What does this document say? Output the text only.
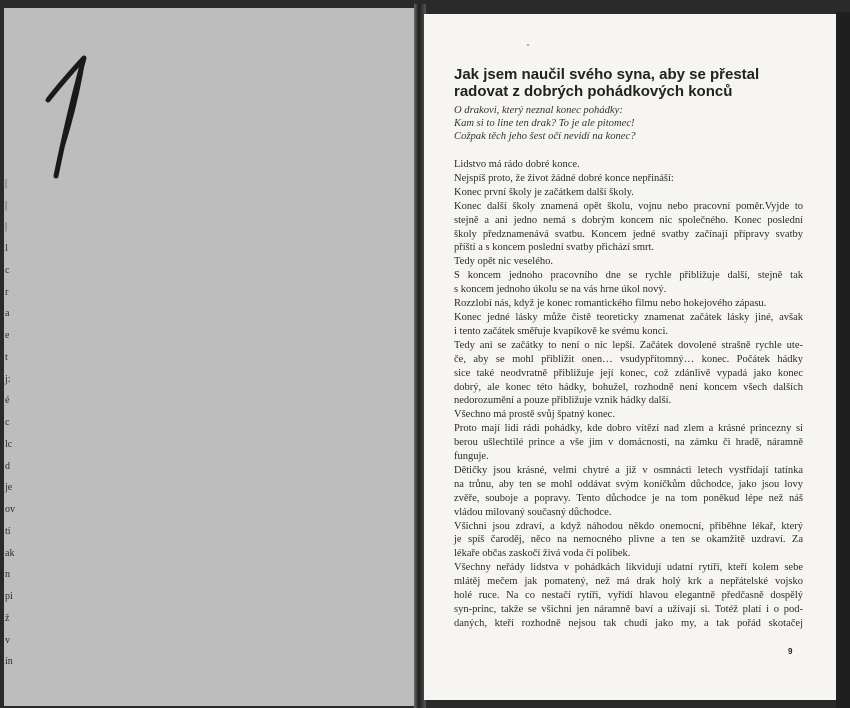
|
|
|
l
c
r
a
e
t
j:
é
c
lc
d
je
ov
tí
ak
n
pi
ž
v
ín
Jak jsem naučil svého syna, aby se přestal
radovat z dobrých pohádkových konců
O drakovi, který neznal konec pohádky:
Kam si to line ten drak? To je ale pitomec!
Cožpak těch jeho šest očí nevidí na konec?
Lidstvo má rádo dobré konce.
Nejspíš proto, že život žádné dobré konce nepřináší:
Konec první školy je začátkem další školy.
Konec další školy znamená opět školu, vojnu nebo pracovní poměr.Vyjde to
stejně a ani jedno nemá s dobrým koncem nic společného. Konec poslední
školy předznamenává svatbu. Koncem jedné svatby začínají přípravy svatby
příští a s koncem poslední svatby přichází smrt.
Tedy opět nic veselého.
S koncem jednoho pracovního dne se rychle přibližuje další, stejně tak
s koncem jednoho úkolu se na vás hrne úkol nový.
Rozzlobí nás, když je konec romantického filmu nebo hokejového zápasu.
Konec jedné lásky může čistě teoreticky znamenat začátek lásky jiné, avšak
i tento začátek směřuje kvapíkově ke svému konci.
Tedy ani se začátky to není o nic lepší. Začátek dovolené strašně rychle ute-
če, aby se mohl přiblížit onen… vsudypřítomný… konec. Počátek hádky
sice také neodvratně přibližuje její konec, což zdánlivě vypadá jako konec
dobrý, ale konec této hádky, bohužel, rozhodně není koncem všech dalších
nedorozumění a pouze přibližuje vznik hádky další.
Všechno má prostě svůj špatný konec.
Proto mají lidi rádi pohádky, kde dobro vítězí nad zlem a krásné princezny si
berou ušlechtilé prince a vše jim v domácnosti, na zámku či hradě, náramně
funguje.
Dětičky jsou krásné, velmi chytré a již v osmnácti letech vystřídají tatínka
na trůnu, aby ten se mohl oddávat svým koníčkům důchodce, jako jsou lovy
zvěře, souboje a popravy. Tento důchodce je na tom poněkud lépe než náš
vládou milovaný současný důchodce.
Všichni jsou zdraví, a když náhodou někdo onemocní, přiběhne lékař, který
je spíš čaroděj, něco na nemocného plivne a ten se okamžitě uzdraví. Za
lékaře občas zaskočí živá voda či polibek.
Všechny neřády lidstva v pohádkách likvidují udatní rytíři, kteří kolem sebe
mlátěj mečem jak pomatený, než má drak holý krk a nepřátelské vojsko
holé ruce. Na co nestačí rytíři, vyřídí hlavou elegantně předčasně dospělý
syn-princ, takže se všichni jen náramně baví a užívají si. Totéž platí i o pod-
daných, kteří rozhodně nejsou tak chudí jako my, a tak pořád skotačej
9
